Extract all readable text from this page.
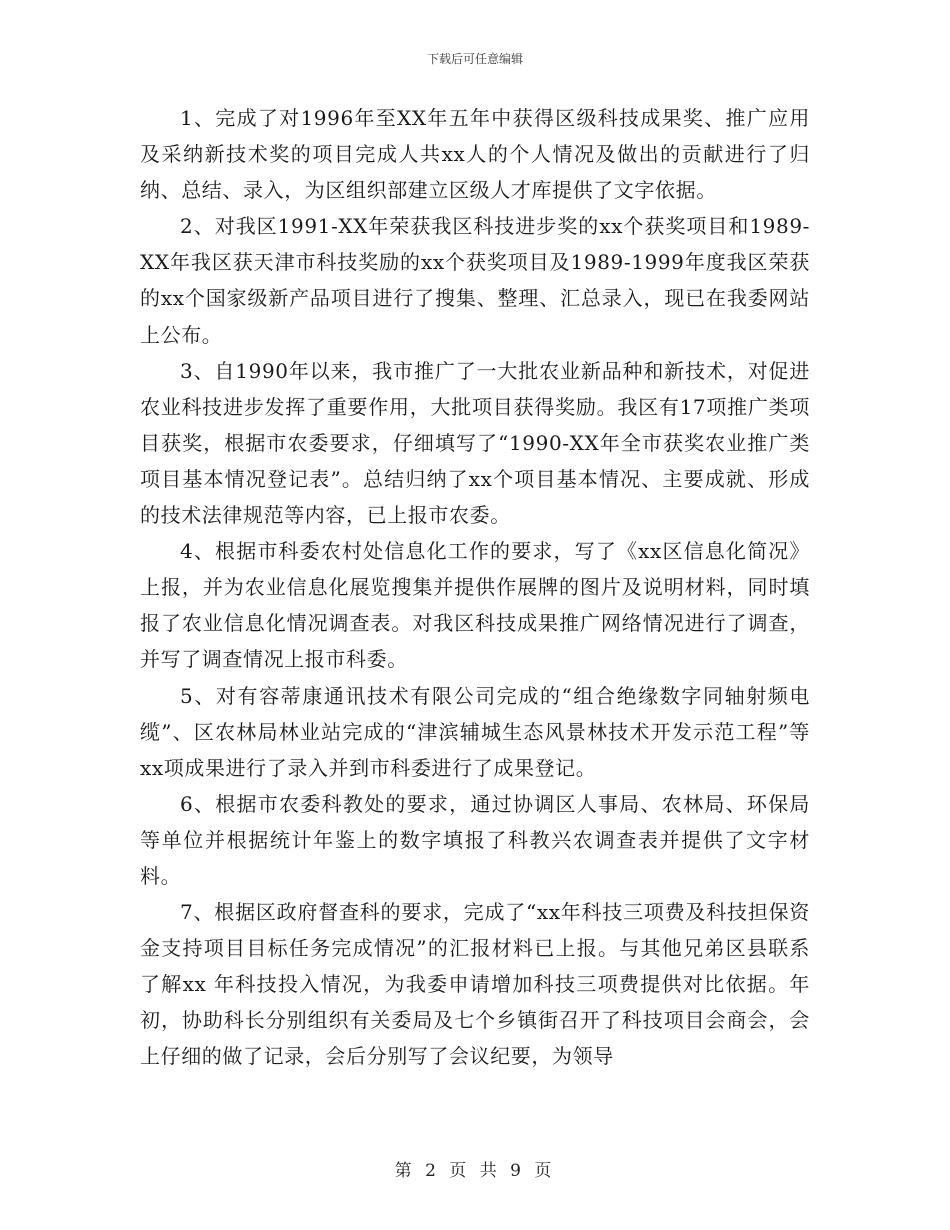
下载后可任意编辑

1、完成了对1996年至XX年五年中获得区级科技成果奖、推广应用及采纳新技术奖的项目完成人共xx人的个人情况及做出的贡献进行了归纳、总结、录入，为区组织部建立区级人才库提供了文字依据。

2、对我区1991-XX年荣获我区科技进步奖的xx个获奖项目和1989-XX年我区获天津市科技奖励的xx个获奖项目及1989-1999年度我区荣获的xx个国家级新产品项目进行了搜集、整理、汇总录入，现已在我委网站上公布。

3、自1990年以来，我市推广了一大批农业新品种和新技术，对促进农业科技进步发挥了重要作用，大批项目获得奖励。我区有17项推广类项目获奖，根据市农委要求，仔细填写了“1990-XX年全市获奖农业推广类项目基本情况登记表”。总结归纳了xx个项目基本情况、主要成就、形成的技术法律规范等内容，已上报市农委。

4、根据市科委农村处信息化工作的要求，写了《xx区信息化简况》上报，并为农业信息化展览搜集并提供作展牌的图片及说明材料，同时填报了农业信息化情况调查表。对我区科技成果推广网络情况进行了调查，并写了调查情况上报市科委。

5、对有容蒂康通讯技术有限公司完成的“组合绝缘数字同轴射频电缆”、区农林局林业站完成的“津滨辅城生态风景林技术开发示范工程”等xx项成果进行了录入并到市科委进行了成果登记。

6、根据市农委科教处的要求，通过协调区人事局、农林局、环保局等单位并根据统计年鉴上的数字填报了科教兴农调查表并提供了文字材料。

7、根据区政府督查科的要求，完成了“xx年科技三项费及科技担保资金支持项目目标任务完成情况”的汇报材料已上报。与其他兄弟区县联系了解xx 年科技投入情况，为我委申请增加科技三项费提供对比依据。年初，协助科长分别组织有关委局及七个乡镇街召开了科技项目会商会，会上仔细的做了记录，会后分别写了会议纪要，为领导

第 2 页 共 9 页
